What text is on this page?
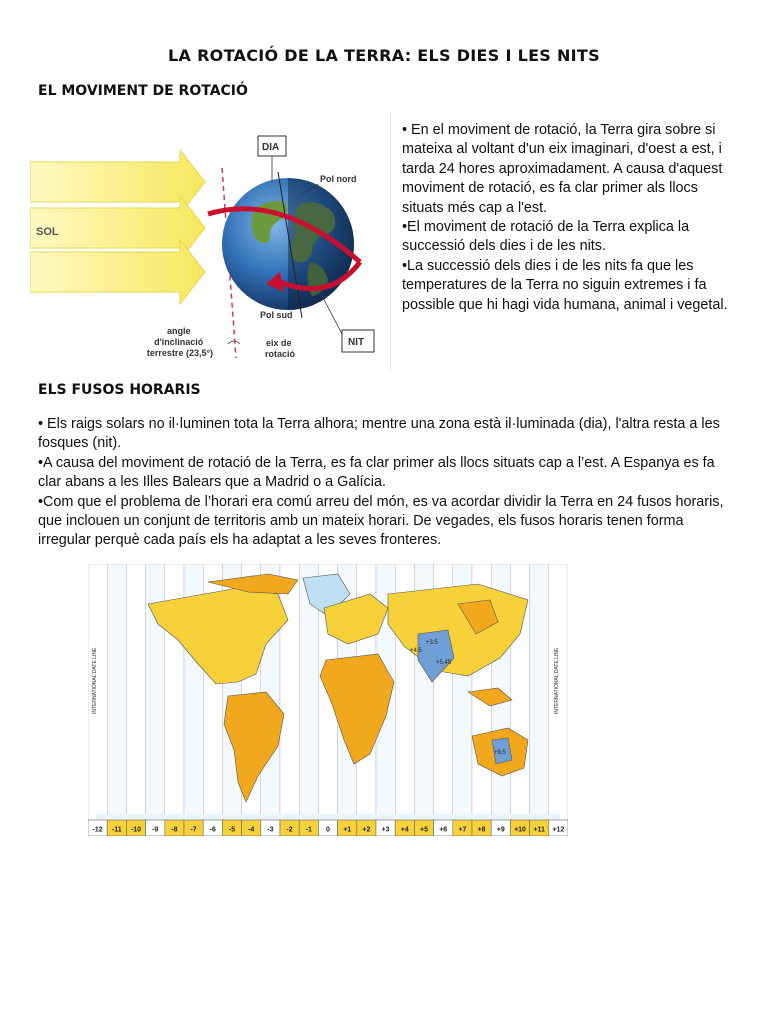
LA ROTACIÓ DE LA TERRA: ELS DIES I LES NITS
EL MOVIMENT DE ROTACIÓ
SOL
DIA
Pol nord
Pol sud
NIT
angle d'inclinació terrestre (23,5°)
eix de rotació

• En el moviment de rotació, la Terra gira sobre si mateixa al voltant d'un eix imaginari, d'oest a est, i tarda 24 hores aproximadament. A causa d'aquest moviment de rotació, es fa clar primer als llocs situats més cap a l'est.

•El moviment de rotació de la Terra explica la successió dels dies i de les nits.

•La successió dels dies i de les nits fa que les temperatures de la Terra no siguin extremes i fa possible que hi hagi vida humana, animal i vegetal.

ELS FUSOS HORARIS

• Els raigs solars no il·luminen tota la Terra alhora; mentre una zona està il·luminada (dia), l'altra resta a les fosques (nit).

•A causa del moviment de rotació de la Terra, es fa clar primer als llocs situats cap a l’est. A Espanya es fa clar abans a les Illes Balears que a Madrid o a Galícia.

•Com que el problema de l’horari era comú arreu del món, es va acordar dividir la Terra en 24 fusos horaris, que inclouen un conjunt de territoris amb un mateix horari. De vegades, els fusos horaris tenen forma irregular perquè cada país els ha adaptat a les seves fronteres.

+3.5
+4.5
+5.45
+9.5
INTERNATIONAL DATE LINE	INTERNATIONAL DATE LINE
-12 -11 -10 -9 -8 -7 -6 -5 -4 -3 -2 -1 0 +1 +2 +3 +4 +5 +6 +7 +8 +9 +10 +11 +12
